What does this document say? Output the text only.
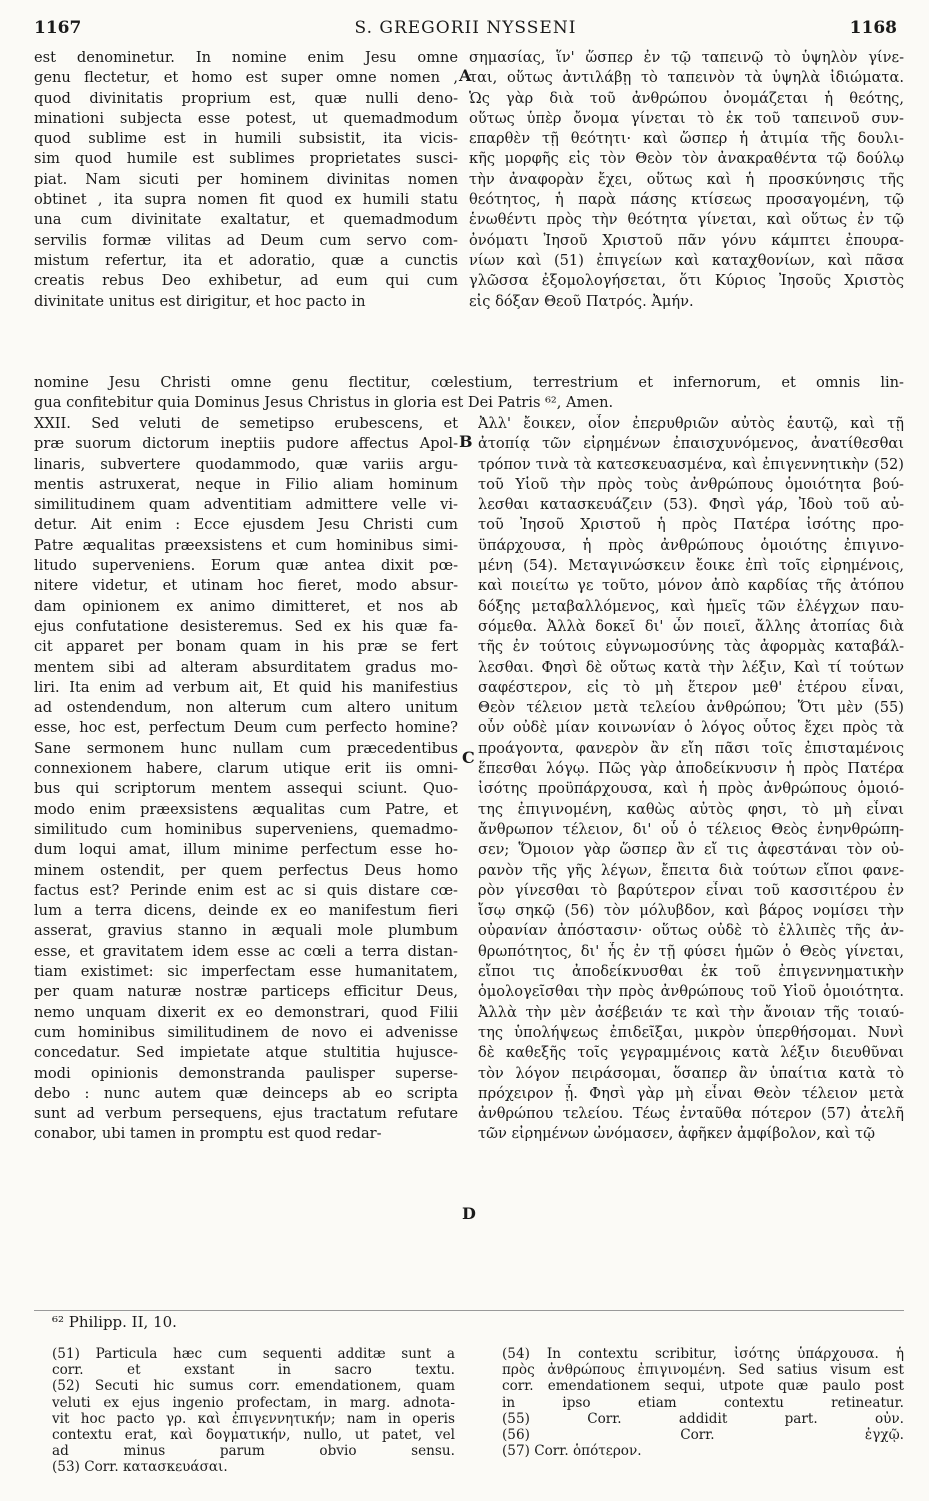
1167	S. GREGORII NYSSENI	1168
est denominetur. In nomine enim Jesu omne
genu flectetur, et homo est super omne nomen ,
quod divinitatis proprium est, quæ nulli deno-
minationi subjecta esse potest, ut quemadmodum
quod sublime est in humili subsistit, ita vicis-
sim quod humile est sublimes proprietates susci-
piat. Nam sicuti per hominem divinitas nomen
obtinet , ita supra nomen fit quod ex humili statu
una cum divinitate exaltatur, et quemadmodum
servilis formæ vilitas ad Deum cum servo com-
mistum refertur, ita et adoratio, quæ a cunctis
creatis rebus Deo exhibetur, ad eum qui cum
divinitate unitus est dirigitur, et hoc pacto in
σημασίας, ἵν' ὥσπερ ἐν τῷ ταπεινῷ τὸ ὑψηλὸν γίνε-
ται, οὕτως ἀντιλάβῃ τὸ ταπεινὸν τὰ ὑψηλὰ ἰδιώματα.
Ὡς γὰρ διὰ τοῦ ἀνθρώπου ὀνομάζεται ἡ θεότης,
οὕτως ὑπὲρ ὄνομα γίνεται τὸ ἐκ τοῦ ταπεινοῦ συν-
επαρθὲν τῇ θεότητι· καὶ ὥσπερ ἡ ἀτιμία τῆς δουλι-
κῆς μορφῆς εἰς τὸν Θεὸν τὸν ἀνακραθέντα τῷ δούλῳ
τὴν ἀναφορὰν ἔχει, οὕτως καὶ ἡ προσκύνησις τῆς
θεότητος, ἡ παρὰ πάσης κτίσεως προσαγομένη, τῷ
ἑνωθέντι πρὸς τὴν θεότητα γίνεται, καὶ οὕτως ἐν τῷ
ὀνόματι Ἰησοῦ Χριστοῦ πᾶν γόνυ κάμπτει ἐπουρα-
νίων καὶ (51) ἐπιγείων καὶ καταχθονίων, καὶ πᾶσα
γλῶσσα ἐξομολογήσεται, ὅτι Κύριος Ἰησοῦς Χριστὸς
εἰς δόξαν Θεοῦ Πατρός. Ἀμήν.
nomine Jesu Christi omne genu flectitur, cœlestium, terrestrium et infernorum, et omnis lin-
gua confitebitur quia Dominus Jesus Christus in gloria est Dei Patris ⁶², Amen.
XXII. Sed veluti de semetipso erubescens, et
præ suorum dictorum ineptiis pudore affectus Apol-
linaris, subvertere quodammodo, quæ variis argu-
mentis astruxerat, neque in Filio aliam hominum
similitudinem quam adventitiam admittere velle vi-
detur. Ait enim : Ecce ejusdem Jesu Christi cum
Patre æqualitas præexsistens et cum hominibus simi-
litudo superveniens. Eorum quæ antea dixit pœ-
nitere videtur, et utinam hoc fieret, modo absur-
dam opinionem ex animo dimitteret, et nos ab
ejus confutatione desisteremus. Sed ex his quæ fa-
cit apparet per bonam quam in his præ se fert
mentem sibi ad alteram absurditatem gradus mo-
liri. Ita enim ad verbum ait, Et quid his manifestius
ad ostendendum, non alterum cum altero unitum
esse, hoc est, perfectum Deum cum perfecto homine?
Sane sermonem hunc nullam cum præcedentibus
connexionem habere, clarum utique erit iis omni-
bus qui scriptorum mentem assequi sciunt. Quo-
modo enim præexsistens æqualitas cum Patre, et
similitudo cum hominibus superveniens, quemadmo-
dum loqui amat, illum minime perfectum esse ho-
minem ostendit, per quem perfectus Deus homo
factus est? Perinde enim est ac si quis distare cœ-
lum a terra dicens, deinde ex eo manifestum fieri
asserat, gravius stanno in æquali mole plumbum
esse, et gravitatem idem esse ac cœli a terra distan-
tiam existimet: sic imperfectam esse humanitatem,
per quam naturæ nostræ particeps efficitur Deus,
nemo unquam dixerit ex eo demonstrari, quod Filii
cum hominibus similitudinem de novo ei advenisse
concedatur. Sed impietate atque stultitia hujusce-
modi opinionis demonstranda paulisper superse-
debo : nunc autem quæ deinceps ab eo scripta
sunt ad verbum persequens, ejus tractatum refutare
conabor, ubi tamen in promptu est quod redar-
Ἀλλ' ἔοικεν, οἷον ἐπερυθριῶν αὐτὸς ἑαυτῷ, καὶ τῇ
ἀτοπίᾳ τῶν εἰρημένων ἐπαισχυνόμενος, ἀνατίθεσθαι
τρόπον τινὰ τὰ κατεσκευασμένα, καὶ ἐπιγεννητικὴν (52)
τοῦ Υἱοῦ τὴν πρὸς τοὺς ἀνθρώπους ὁμοιότητα βού-
λεσθαι κατασκευάζειν (53). Φησὶ γάρ, Ἰδοὺ τοῦ αὐ-
τοῦ Ἰησοῦ Χριστοῦ ἡ πρὸς Πατέρα ἰσότης προ-
ϋπάρχουσα, ἡ πρὸς ἀνθρώπους ὁμοιότης ἐπιγινο-
μένη (54). Μεταγινώσκειν ἔοικε ἐπὶ τοῖς εἰρημένοις,
καὶ ποιείτω γε τοῦτο, μόνον ἀπὸ καρδίας τῆς ἀτόπου
δόξης μεταβαλλόμενος, καὶ ἡμεῖς τῶν ἐλέγχων παυ-
σόμεθα. Ἀλλὰ δοκεῖ δι' ὧν ποιεῖ, ἄλλης ἀτοπίας διὰ
τῆς ἐν τούτοις εὐγνωμοσύνης τὰς ἀφορμὰς καταβάλ-
λεσθαι. Φησὶ δὲ οὕτως κατὰ τὴν λέξιν, Καὶ τί τούτων
σαφέστερον, εἰς τὸ μὴ ἕτερον μεθ' ἑτέρου εἶναι,
Θεὸν τέλειον μετὰ τελείου ἀνθρώπου; Ὅτι μὲν (55)
οὖν οὐδὲ μίαν κοινωνίαν ὁ λόγος οὗτος ἔχει πρὸς τὰ
προάγοντα, φανερὸν ἂν εἴη πᾶσι τοῖς ἐπισταμένοις
ἕπεσθαι λόγῳ. Πῶς γὰρ ἀποδείκνυσιν ἡ πρὸς Πατέρα
ἰσότης προϋπάρχουσα, καὶ ἡ πρὸς ἀνθρώπους ὁμοιό-
της ἐπιγινομένη, καθὼς αὐτὸς φησι, τὸ μὴ εἶναι
ἄνθρωπον τέλειον, δι' οὗ ὁ τέλειος Θεὸς ἐνηνθρώπη-
σεν; Ὅμοιον γὰρ ὥσπερ ἂν εἴ τις ἀφεστάναι τὸν οὐ-
ρανὸν τῆς γῆς λέγων, ἔπειτα διὰ τούτων εἴποι φανε-
ρὸν γίνεσθαι τὸ βαρύτερον εἶναι τοῦ κασσιτέρου ἐν
ἴσῳ σηκῷ (56) τὸν μόλυβδον, καὶ βάρος νομίσει τὴν
οὐρανίαν ἀπόστασιν· οὕτως οὐδὲ τὸ ἐλλιπὲς τῆς ἀν-
θρωπότητος, δι' ἧς ἐν τῇ φύσει ἡμῶν ὁ Θεὸς γίνεται,
εἴποι τις ἀποδείκνυσθαι ἐκ τοῦ ἐπιγεννηματικὴν
ὁμολογεῖσθαι τὴν πρὸς ἀνθρώπους τοῦ Υἱοῦ ὁμοιότητα.
Ἀλλὰ τὴν μὲν ἀσέβειάν τε καὶ τὴν ἄνοιαν τῆς τοιαύ-
της ὑπολήψεως ἐπιδεῖξαι, μικρὸν ὑπερθήσομαι. Νυνὶ
δὲ καθεξῆς τοῖς γεγραμμένοις κατὰ λέξιν διευθῦναι
τὸν λόγον πειράσομαι, ὅσαπερ ἂν ὑπαίτια κατὰ τὸ
πρόχειρον ᾖ. Φησὶ γὰρ μὴ εἶναι Θεὸν τέλειον μετὰ
ἀνθρώπου τελείου. Τέως ἐνταῦθα πότερον (57) ἀτελῆ
τῶν εἰρημένων ὠνόμασεν, ἀφῆκεν ἀμφίβολον, καὶ τῷ
A
B
C
D
⁶² Philipp. II, 10.
(51) Particula hæc cum sequenti additæ sunt a
corr. et exstant in sacro textu.
(52) Secuti hic sumus corr. emendationem, quam
veluti ex ejus ingenio profectam, in marg. adnota-
vit hoc pacto γρ. καὶ ἐπιγεννητικήν; nam in operis
contextu erat, καὶ δογματικήν, nullo, ut patet, vel
ad minus parum obvio sensu.
(53) Corr. κατασκευάσαι.
(54) In contextu scribitur, ἰσότης ὑπάρχουσα. ἡ
πρὸς ἀνθρώπους ἐπιγινομένη. Sed satius visum est
corr. emendationem sequi, utpote quæ paulo post
in ipso etiam contextu retineatur.
(55) Corr. addidit part. οὖν.
(56) Corr. ἐγχῷ.
(57) Corr. ὁπότερον.
